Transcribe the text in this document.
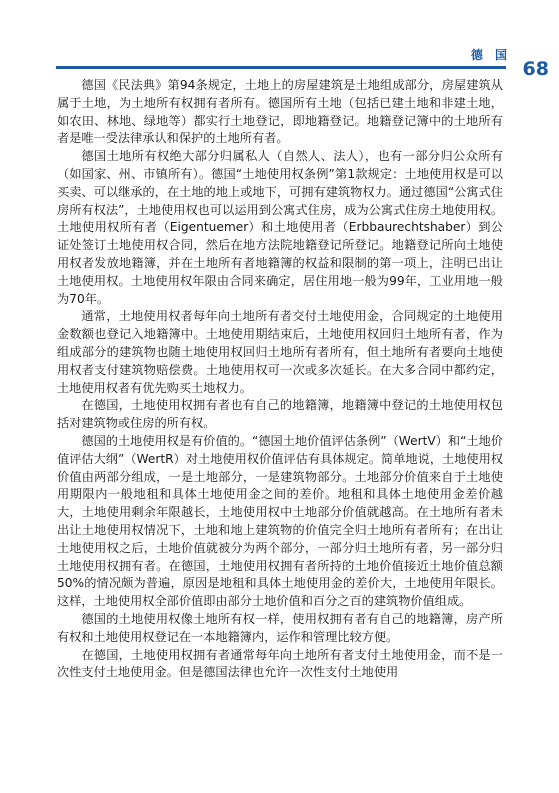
德 国
68

德国《民法典》第94条规定，土地上的房屋建筑是土地组成部分，房屋建筑从属于土地，为土地所有权拥有者所有。德国所有土地（包括已建土地和非建土地，如农田、林地、绿地等）都实行土地登记，即地籍登记。地籍登记簿中的土地所有者是唯一受法律承认和保护的土地所有者。

德国土地所有权绝大部分归属私人（自然人、法人），也有一部分归公众所有（如国家、州、市镇所有）。德国“土地使用权条例”第1款规定：土地使用权是可以买卖、可以继承的，在土地的地上或地下，可拥有建筑物权力。通过德国“公寓式住房所有权法”，土地使用权也可以运用到公寓式住房，成为公寓式住房土地使用权。土地使用权所有者（Eigentuemer）和土地使用者（Erbbaurechtshaber）到公证处签订土地使用权合同，然后在地方法院地籍登记所登记。地籍登记所向土地使用权者发放地籍簿，并在土地所有者地籍簿的权益和限制的第一项上，注明已出让土地使用权。土地使用权年限由合同来确定，居住用地一般为99年，工业用地一般为70年。

通常，土地使用权者每年向土地所有者交付土地使用金，合同规定的土地使用金数额也登记入地籍簿中。土地使用期结束后，土地使用权回归土地所有者，作为组成部分的建筑物也随土地使用权回归土地所有者所有，但土地所有者要向土地使用权者支付建筑物赔偿费。土地使用权可一次或多次延长。在大多合同中都约定，土地使用权者有优先购买土地权力。

在德国，土地使用权拥有者也有自己的地籍簿，地籍簿中登记的土地使用权包括对建筑物或住房的所有权。

德国的土地使用权是有价值的。“德国土地价值评估条例”（WertV）和“土地价值评估大纲”（WertR）对土地使用权价值评估有具体规定。简单地说，土地使用权价值由两部分组成，一是土地部分，一是建筑物部分。土地部分价值来自于土地使用期限内一般地租和具体土地使用金之间的差价。地租和具体土地使用金差价越大，土地使用剩余年限越长，土地使用权中土地部分价值就越高。在土地所有者未出让土地使用权情况下，土地和地上建筑物的价值完全归土地所有者所有；在出让土地使用权之后，土地价值就被分为两个部分，一部分归土地所有者，另一部分归土地使用权拥有者。在德国，土地使用权拥有者所持的土地价值接近土地价值总额50%的情况颇为普遍，原因是地租和具体土地使用金的差价大，土地使用年限长。这样，土地使用权全部价值即由部分土地价值和百分之百的建筑物价值组成。

德国的土地使用权像土地所有权一样，使用权拥有者有自己的地籍簿，房产所有权和土地使用权登记在一本地籍簿内，运作和管理比较方便。

在德国，土地使用权拥有者通常每年向土地所有者支付土地使用金，而不是一次性支付土地使用金。但是德国法律也允许一次性支付土地使用
